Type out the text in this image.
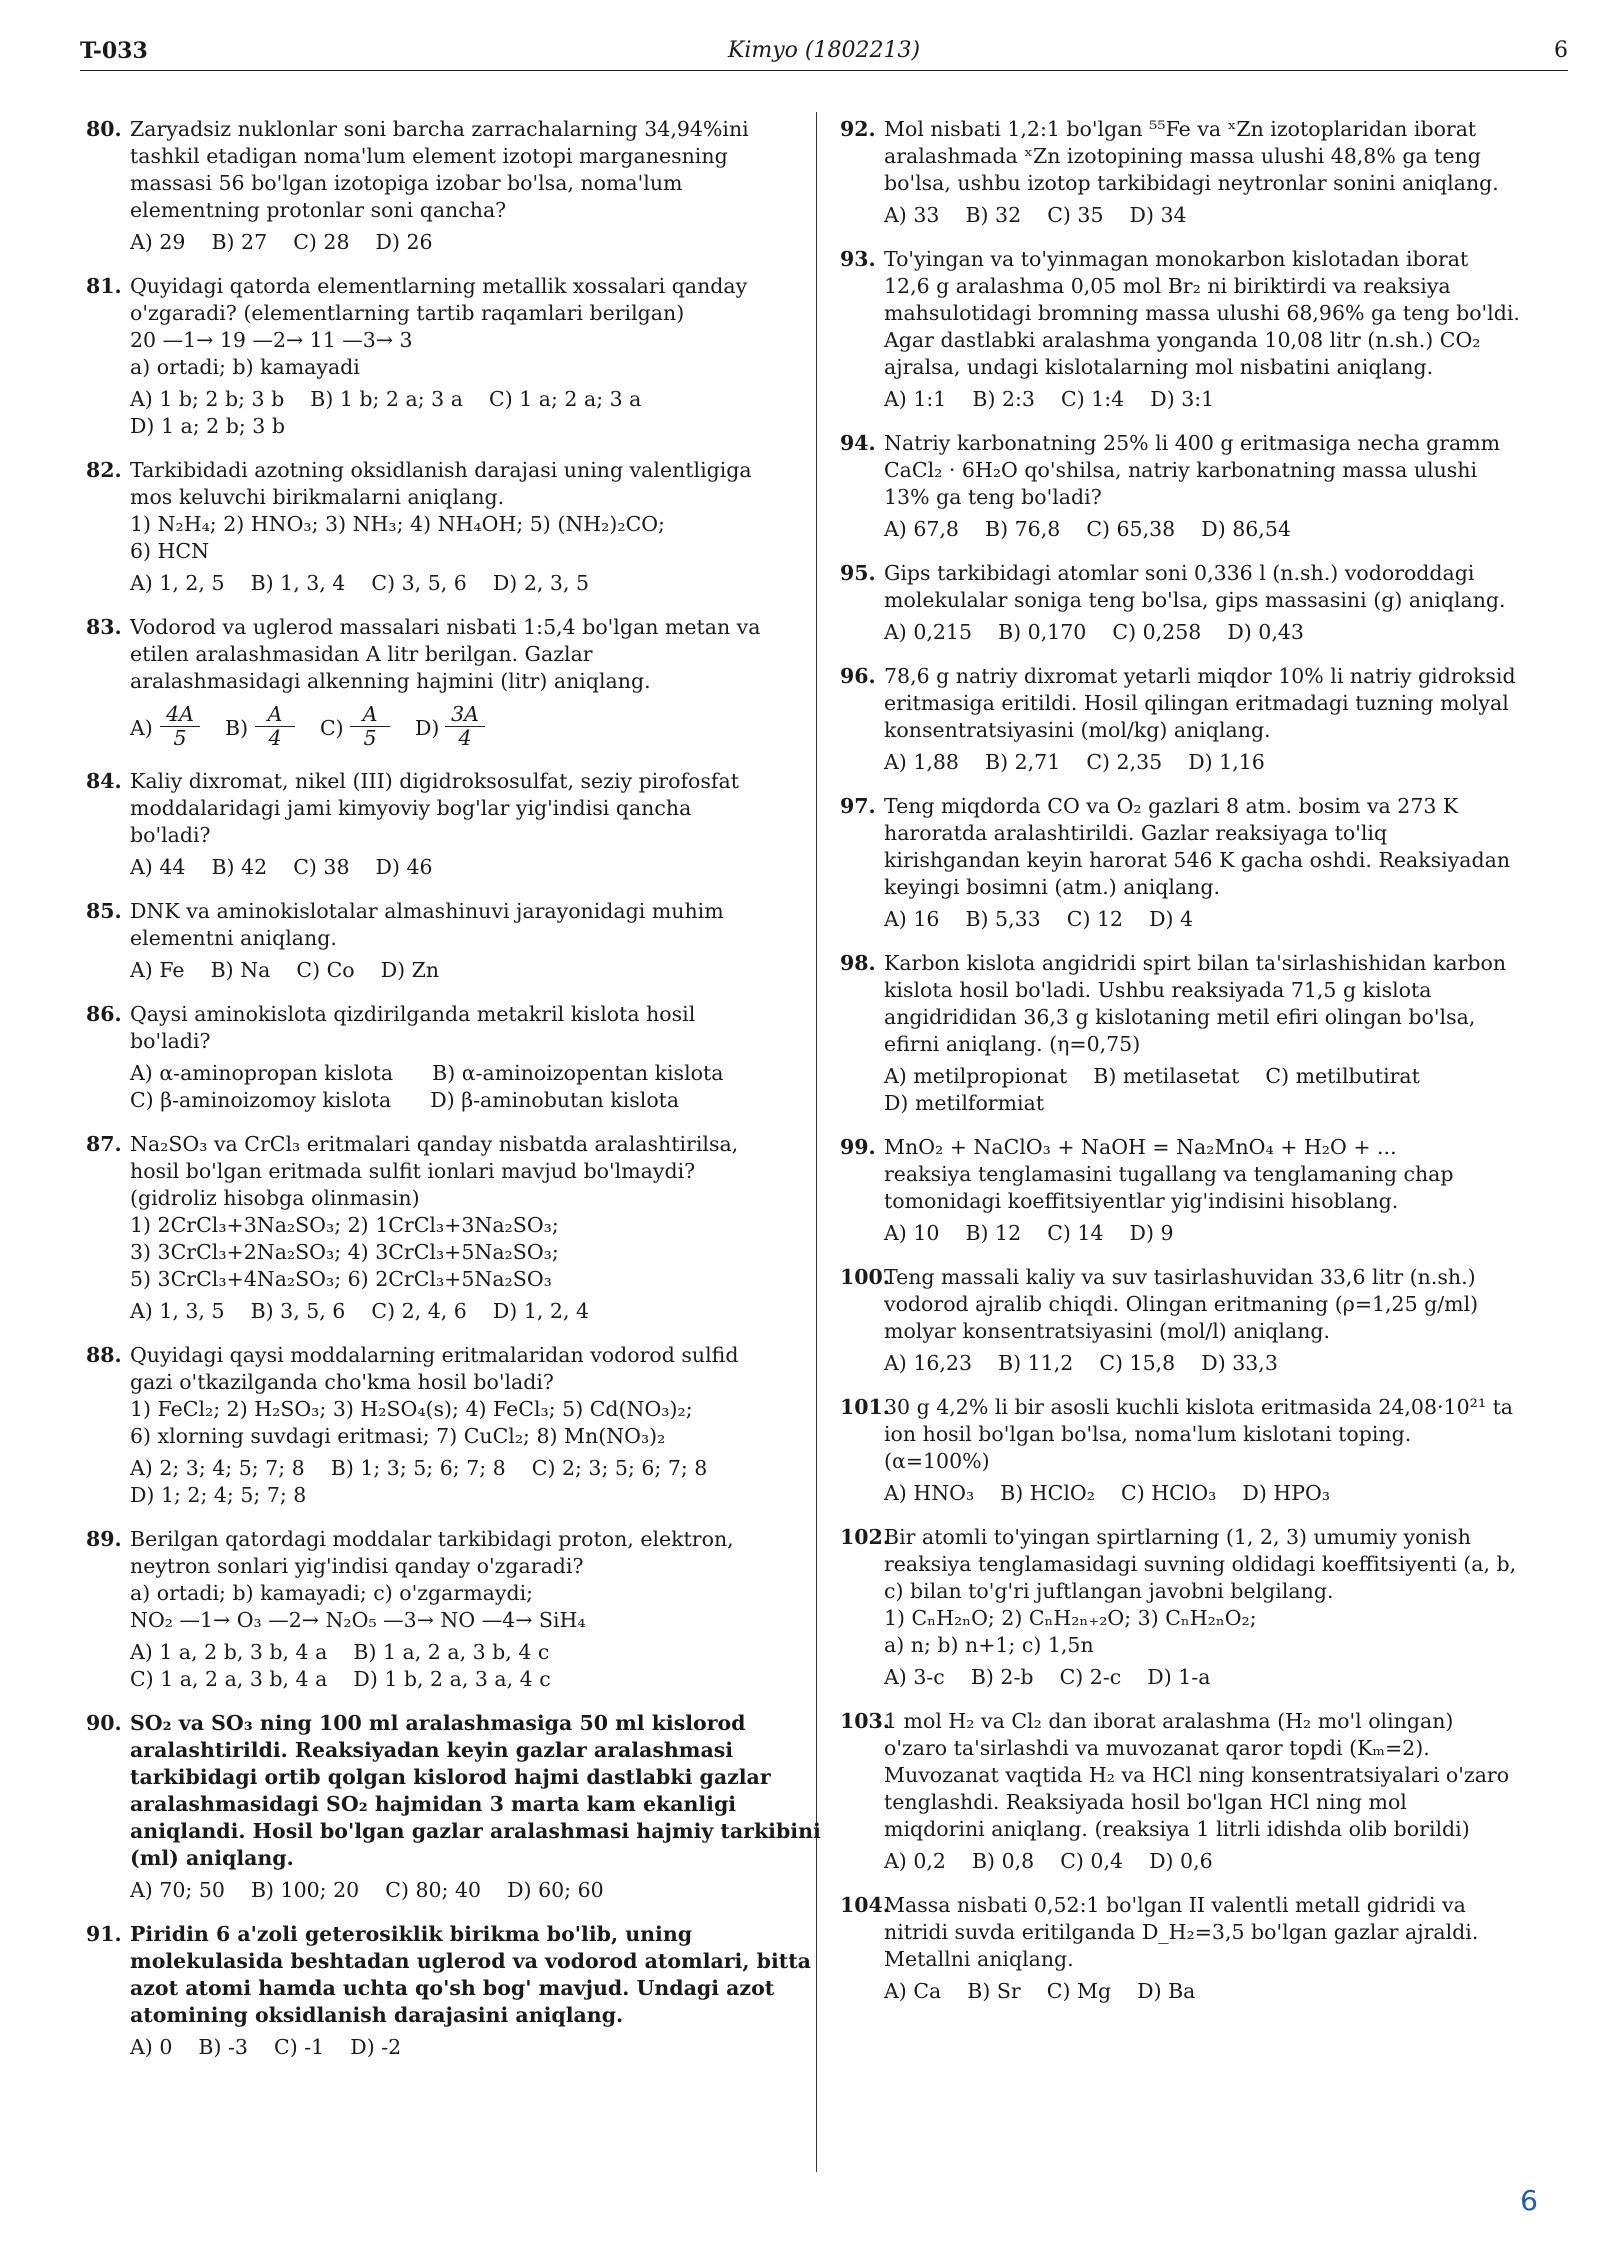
T-033	Kimyo (1802213)	6
80. Zaryadsiz nuklonlar soni barcha zarrachalarning 34,94%ini
tashkil etadigan noma'lum element izotopi marganesning
massasi 56 bo'lgan izotopiga izobar bo'lsa, noma'lum
elementning protonlar soni qancha?
A) 29    B) 27    C) 28    D) 26
81. Quyidagi qatorda elementlarning metallik xossalari qanday
o'zgaradi? (elementlarning tartib raqamlari berilgan)
20 —1→ 19 —2→ 11 —3→ 3
a) ortadi; b) kamayadi
A) 1 b; 2 b; 3 b    B) 1 b; 2 a; 3 a    C) 1 a; 2 a; 3 a
D) 1 a; 2 b; 3 b
82. Tarkibidadi azotning oksidlanish darajasi uning valentligiga
mos keluvchi birikmalarni aniqlang.
1) N₂H₄; 2) HNO₃; 3) NH₃; 4) NH₄OH; 5) (NH₂)₂CO;
6) HCN
A) 1, 2, 5    B) 1, 3, 4    C) 3, 5, 6    D) 2, 3, 5
83. Vodorod va uglerod massalari nisbati 1:5,4 bo'lgan metan va
etilen aralashmasidan A litr berilgan. Gazlar
aralashmasidagi alkenning hajmini (litr) aniqlang.
$A) \frac{4A}{5} B) \frac{A}{4} C) \frac{A}{5} D) \frac{3A}{4}$
84. Kaliy dixromat, nikel (III) digidroksosulfat, seziy pirofosfat
moddalaridagi jami kimyoviy bog'lar yig'indisi qancha
bo'ladi?
A) 44    B) 42    C) 38    D) 46
85. DNK va aminokislotalar almashinuvi jarayonidagi muhim
elementni aniqlang.
A) Fe    B) Na    C) Co    D) Zn
86. Qaysi aminokislota qizdirilganda metakril kislota hosil
bo'ladi?
A) α-aminopropan kislota      B) α-aminoizopentan kislota
C) β-aminoizomoy kislota      D) β-aminobutan kislota
87. Na₂SO₃ va CrCl₃ eritmalari qanday nisbatda aralashtirilsa,
hosil bo'lgan eritmada sulfit ionlari mavjud bo'lmaydi?
(gidroliz hisobga olinmasin)
1) 2CrCl₃+3Na₂SO₃; 2) 1CrCl₃+3Na₂SO₃;
3) 3CrCl₃+2Na₂SO₃; 4) 3CrCl₃+5Na₂SO₃;
5) 3CrCl₃+4Na₂SO₃; 6) 2CrCl₃+5Na₂SO₃
A) 1, 3, 5    B) 3, 5, 6    C) 2, 4, 6    D) 1, 2, 4
88. Quyidagi qaysi moddalarning eritmalaridan vodorod sulfid
gazi o'tkazilganda cho'kma hosil bo'ladi?
1) FeCl₂; 2) H₂SO₃; 3) H₂SO₄(s); 4) FeCl₃; 5) Cd(NO₃)₂;
6) xlorning suvdagi eritmasi; 7) CuCl₂; 8) Mn(NO₃)₂
A) 2; 3; 4; 5; 7; 8    B) 1; 3; 5; 6; 7; 8    C) 2; 3; 5; 6; 7; 8
D) 1; 2; 4; 5; 7; 8
89. Berilgan qatordagi moddalar tarkibidagi proton, elektron,
neytron sonlari yig'indisi qanday o'zgaradi?
a) ortadi; b) kamayadi; c) o'zgarmaydi;
NO₂ —1→ O₃ —2→ N₂O₅ —3→ NO —4→ SiH₄
A) 1 a, 2 b, 3 b, 4 a    B) 1 a, 2 a, 3 b, 4 c
C) 1 a, 2 a, 3 b, 4 a    D) 1 b, 2 a, 3 a, 4 c
90. SO₂ va SO₃ ning 100 ml aralashmasiga 50 ml kislorod
aralashtirildi. Reaksiyadan keyin gazlar aralashmasi
tarkibidagi ortib qolgan kislorod hajmi dastlabki gazlar
aralashmasidagi SO₂ hajmidan 3 marta kam ekanligi
aniqlandi. Hosil bo'lgan gazlar aralashmasi hajmiy tarkibini
(ml) aniqlang.
A) 70; 50    B) 100; 20    C) 80; 40    D) 60; 60
91. Piridin 6 a'zoli geterosiklik birikma bo'lib, uning
molekulasida beshtadan uglerod va vodorod atomlari, bitta
azot atomi hamda uchta qo'sh bog' mavjud. Undagi azot
atomining oksidlanish darajasini aniqlang.
A) 0    B) -3    C) -1    D) -2
92. Mol nisbati 1,2:1 bo'lgan ⁵⁵Fe va ˣZn izotoplaridan iborat
aralashmada ˣZn izotopining massa ulushi 48,8% ga teng
bo'lsa, ushbu izotop tarkibidagi neytronlar sonini aniqlang.
A) 33    B) 32    C) 35    D) 34
93. To'yingan va to'yinmagan monokarbon kislotadan iborat
12,6 g aralashma 0,05 mol Br₂ ni biriktirdi va reaksiya
mahsulotidagi bromning massa ulushi 68,96% ga teng bo'ldi.
Agar dastlabki aralashma yonganda 10,08 litr (n.sh.) CO₂
ajralsa, undagi kislotalarning mol nisbatini aniqlang.
A) 1:1    B) 2:3    C) 1:4    D) 3:1
94. Natriy karbonatning 25% li 400 g eritmasiga necha gramm
CaCl₂ · 6H₂O qo'shilsa, natriy karbonatning massa ulushi
13% ga teng bo'ladi?
A) 67,8    B) 76,8    C) 65,38    D) 86,54
95. Gips tarkibidagi atomlar soni 0,336 l (n.sh.) vodoroddagi
molekulalar soniga teng bo'lsa, gips massasini (g) aniqlang.
A) 0,215    B) 0,170    C) 0,258    D) 0,43
96. 78,6 g natriy dixromat yetarli miqdor 10% li natriy gidroksid
eritmasiga eritildi. Hosil qilingan eritmadagi tuzning molyal
konsentratsiyasini (mol/kg) aniqlang.
A) 1,88    B) 2,71    C) 2,35    D) 1,16
97. Teng miqdorda CO va O₂ gazlari 8 atm. bosim va 273 K
haroratda aralashtirildi. Gazlar reaksiyaga to'liq
kirishgandan keyin harorat 546 K gacha oshdi. Reaksiyadan
keyingi bosimni (atm.) aniqlang.
A) 16    B) 5,33    C) 12    D) 4
98. Karbon kislota angidridi spirt bilan ta'sirlashishidan karbon
kislota hosil bo'ladi. Ushbu reaksiyada 71,5 g kislota
angidrididan 36,3 g kislotaning metil efiri olingan bo'lsa,
efirni aniqlang. (η=0,75)
A) metilpropionat    B) metilasetat    C) metilbutirat
D) metilformiat
99. MnO₂ + NaClO₃ + NaOH = Na₂MnO₄ + H₂O + ...
reaksiya tenglamasini tugallang va tenglamaning chap
tomonidagi koeffitsiyentlar yig'indisini hisoblang.
A) 10    B) 12    C) 14    D) 9
100.
Teng massali kaliy va suv tasirlashuvidan 33,6 litr (n.sh.)
vodorod ajralib chiqdi. Olingan eritmaning (ρ=1,25 g/ml)
molyar konsentratsiyasini (mol/l) aniqlang.
A) 16,23    B) 11,2    C) 15,8    D) 33,3
101.
30 g 4,2% li bir asosli kuchli kislota eritmasida 24,08·10²¹ ta
ion hosil bo'lgan bo'lsa, noma'lum kislotani toping.
(α=100%)
A) HNO₃    B) HClO₂    C) HClO₃    D) HPO₃
102.
Bir atomli to'yingan spirtlarning (1, 2, 3) umumiy yonish
reaksiya tenglamasidagi suvning oldidagi koeffitsiyenti (a, b,
c) bilan to'g'ri juftlangan javobni belgilang.
1) CₙH₂ₙO; 2) CₙH₂ₙ₊₂O; 3) CₙH₂ₙO₂;
a) n; b) n+1; c) 1,5n
A) 3-c    B) 2-b    C) 2-c    D) 1-a
103.
1 mol H₂ va Cl₂ dan iborat aralashma (H₂ mo'l olingan)
o'zaro ta'sirlashdi va muvozanat qaror topdi (Kₘ=2).
Muvozanat vaqtida H₂ va HCl ning konsentratsiyalari o'zaro
tenglashdi. Reaksiyada hosil bo'lgan HCl ning mol
miqdorini aniqlang. (reaksiya 1 litrli idishda olib borildi)
A) 0,2    B) 0,8    C) 0,4    D) 0,6
104.
Massa nisbati 0,52:1 bo'lgan II valentli metall gidridi va
nitridi suvda eritilganda D_H₂=3,5 bo'lgan gazlar ajraldi.
Metallni aniqlang.
A) Ca    B) Sr    C) Mg    D) Ba
6
